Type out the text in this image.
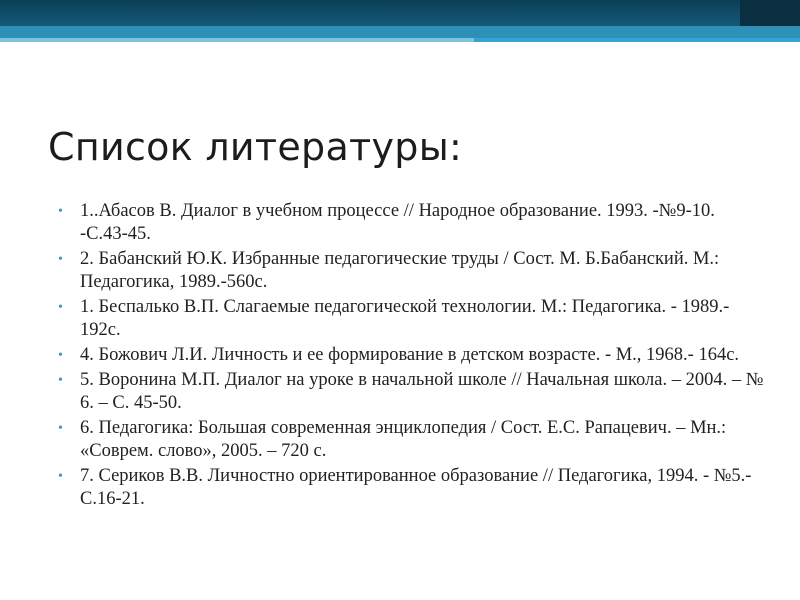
Список литературы:
• 1..Абасов В. Диалог в учебном процессе // Народное образование. 1993. -№9-10. -С.43-45.
• 2. Бабанский Ю.К. Избранные педагогические труды / Сост. М. Б.Бабанский. М.: Педагогика, 1989.-560с.
• 1. Беспалько В.П. Слагаемые педагогической технологии. М.: Педагогика. - 1989.- 192с.
• 4. Божович Л.И. Личность и ее формирование в детском возрасте. - М., 1968.- 164с.
• 5. Воронина М.П. Диалог на уроке в начальной школе // Начальная школа. – 2004. – № 6. – С. 45-50.
• 6. Педагогика: Большая современная энциклопедия / Сост. Е.С. Рапацевич. – Мн.: «Соврем. слово», 2005. – 720 с.
• 7. Сериков В.В. Личностно ориентированное образование // Педагогика, 1994. - №5.-С.16-21.
